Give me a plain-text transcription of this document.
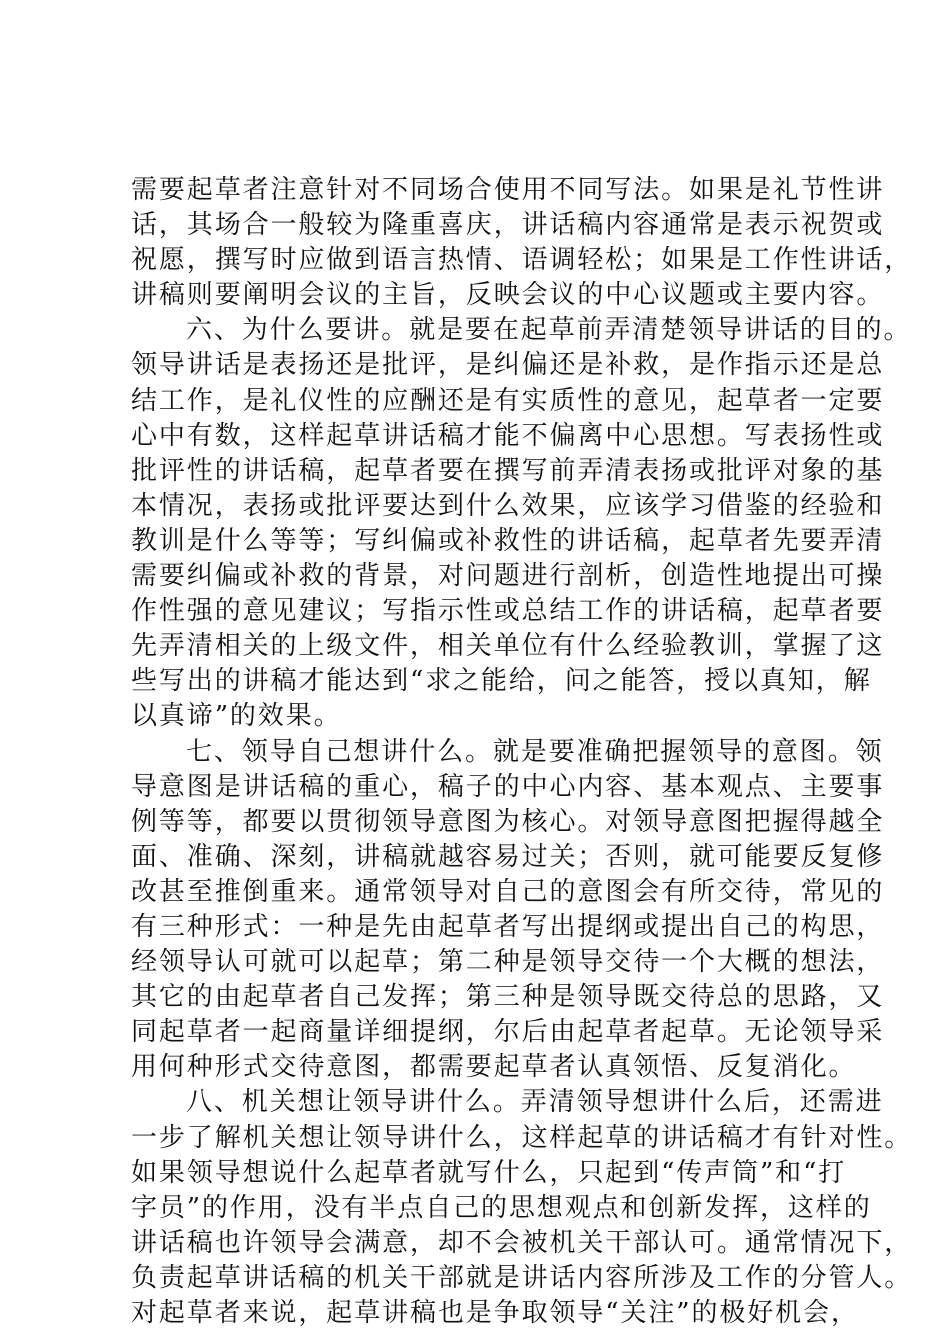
需要起草者注意针对不同场合使用不同写法。如果是礼节性讲
话，其场合一般较为隆重喜庆，讲话稿内容通常是表示祝贺或
祝愿，撰写时应做到语言热情、语调轻松；如果是工作性讲话，
讲稿则要阐明会议的主旨，反映会议的中心议题或主要内容。
六、为什么要讲。就是要在起草前弄清楚领导讲话的目的。
领导讲话是表扬还是批评，是纠偏还是补救，是作指示还是总
结工作，是礼仪性的应酬还是有实质性的意见，起草者一定要
心中有数，这样起草讲话稿才能不偏离中心思想。写表扬性或
批评性的讲话稿，起草者要在撰写前弄清表扬或批评对象的基
本情况，表扬或批评要达到什么效果，应该学习借鉴的经验和
教训是什么等等；写纠偏或补救性的讲话稿，起草者先要弄清
需要纠偏或补救的背景，对问题进行剖析，创造性地提出可操
作性强的意见建议；写指示性或总结工作的讲话稿，起草者要
先弄清相关的上级文件，相关单位有什么经验教训，掌握了这
些写出的讲稿才能达到“求之能给，问之能答，授以真知，解
以真谛”的效果。
七、领导自己想讲什么。就是要准确把握领导的意图。领
导意图是讲话稿的重心，稿子的中心内容、基本观点、主要事
例等等，都要以贯彻领导意图为核心。对领导意图把握得越全
面、准确、深刻，讲稿就越容易过关；否则，就可能要反复修
改甚至推倒重来。通常领导对自己的意图会有所交待，常见的
有三种形式：一种是先由起草者写出提纲或提出自己的构思，
经领导认可就可以起草；第二种是领导交待一个大概的想法，
其它的由起草者自己发挥；第三种是领导既交待总的思路，又
同起草者一起商量详细提纲，尔后由起草者起草。无论领导采
用何种形式交待意图，都需要起草者认真领悟、反复消化。
八、机关想让领导讲什么。弄清领导想讲什么后，还需进
一步了解机关想让领导讲什么，这样起草的讲话稿才有针对性。
如果领导想说什么起草者就写什么，只起到“传声筒”和“打
字员”的作用，没有半点自己的思想观点和创新发挥，这样的
讲话稿也许领导会满意，却不会被机关干部认可。通常情况下，
负责起草讲话稿的机关干部就是讲话内容所涉及工作的分管人。
对起草者来说，起草讲稿也是争取领导“关注”的极好机会，
